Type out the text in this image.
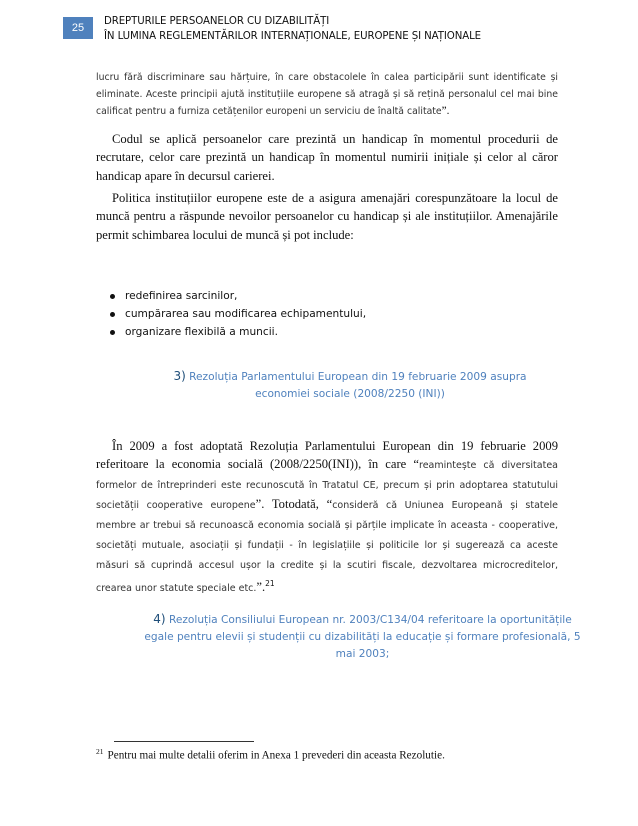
25
DREPTURILE PERSOANELOR CU DIZABILITĂȚI
ÎN LUMINA REGLEMENTĂRILOR INTERNAȚIONALE, EUROPENE ȘI NAȚIONALE
lucru fără discriminare sau hărțuire, în care obstacolele în calea participării sunt identificate și eliminate. Aceste principii ajută instituțiile europene să atragă și să rețină personalul cel mai bine calificat pentru a furniza cetățenilor europeni un serviciu de înaltă calitate”.
Codul se aplică persoanelor care prezintă un handicap în momentul procedurii de recrutare, celor care prezintă un handicap în momentul numirii inițiale și celor al căror handicap apare în decursul carierei.
Politica instituțiilor europene este de a asigura amenajări corespunzătoare la locul de muncă pentru a răspunde nevoilor persoanelor cu handicap și ale instituțiilor. Amenajările permit schimbarea locului de muncă și pot include:
redefinirea sarcinilor,
cumpărarea sau modificarea echipamentului,
organizare flexibilă a muncii.
3) Rezoluția Parlamentului European din 19 februarie 2009 asupra economiei sociale (2008/2250 (INI))
În 2009 a fost adoptată Rezoluția Parlamentului European din 19 februarie 2009 referitoare la economia socială (2008/2250(INI)), în care “reamintește că diversitatea formelor de întreprinderi este recunoscută în Tratatul CE, precum și prin adoptarea statutului societății cooperative europene”. Totodată, “consideră că Uniunea Europeană și statele membre ar trebui să recunoască economia socială și părțile implicate în aceasta - cooperative, societăți mutuale, asociații și fundații - în legislațiile și politicile lor și sugerează ca aceste măsuri să cuprindă accesul ușor la credite și la scutiri fiscale, dezvoltarea microcreditelor, crearea unor statute speciale etc.”.$^{21}$
4) Rezoluția Consiliului European nr. 2003/C134/04 referitoare la oportunitățile egale pentru elevii și studenții cu dizabilități la educație și formare profesională, 5 mai 2003;
$^{21}$ Pentru mai multe detalii oferim in Anexa 1 prevederi din aceasta Rezolutie.
